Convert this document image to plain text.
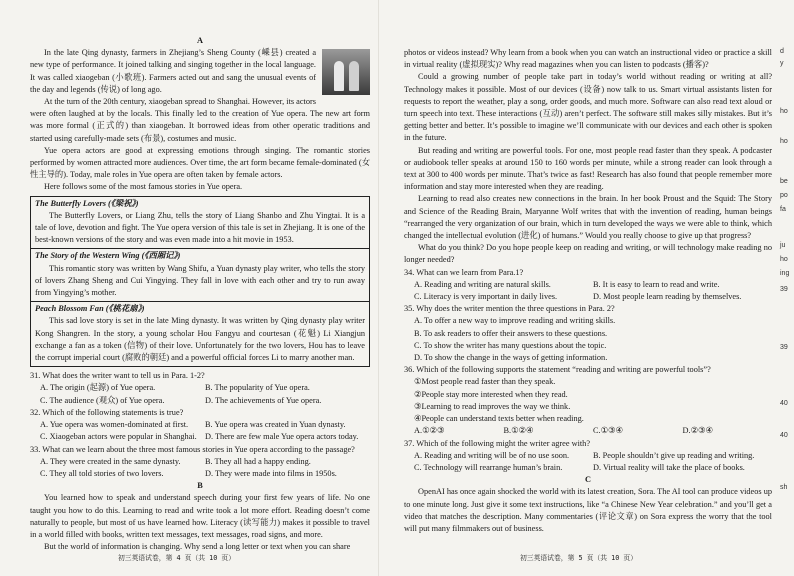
A

In the late Qing dynasty, farmers in Zhejiang’s Sheng County (嵊县) created a new type of performance. It joined talking and singing together in the local language. It was called xiaogeban (小歌班). Farmers acted out and sang the unusual events of the day and legends (传说) of long ago.

At the turn of the 20th century, xiaogeban spread to Shanghai. However, its actors were often laughed at by the locals. This finally led to the creation of Yue opera. The new art form was more formal (正式的) than xiaogeban. It borrowed ideas from other operatic traditions and started using carefully-made sets (布景), costumes and music.

Yue opera actors are good at expressing emotions through singing. The romantic stories performed by women attracted more audiences. Over time, the art form became female-dominated (女性主导的). Today, male roles in Yue opera are often taken by female actors.

Here follows some of the most famous stories in Yue opera.

The Butterfly Lovers (《梁祝》)

The Butterfly Lovers, or Liang Zhu, tells the story of Liang Shanbo and Zhu Yingtai. It is a tale of love, devotion and fight. The Yue opera version of this tale is set in Zhejiang. It is one of the best-known versions of the story and was even made into a hit movie in 1953.

The Story of the Western Wing (《西厢记》)

This romantic story was written by Wang Shifu, a Yuan dynasty play writer, who tells the story of lovers Zhang Sheng and Cui Yingying. They fall in love with each other and try to run away from Yingying’s mother.

Peach Blossom Fan (《桃花扇》)

This sad love story is set in the late Ming dynasty. It was written by Qing dynasty play writer Kong Shangren. In the story, a young scholar Hou Fangyu and courtesan (花魁) Li Xiangjun exchange a fan as a token (信物) of their love. Unfortunately for the two lovers, Hou has to leave the corrupt imperial court (腐败的朝廷) and a powerful official forces Li to marry another man.

31. What does the writer want to tell us in Para. 1-2?

A. The origin (起源) of Yue opera.	B. The popularity of Yue opera.
C. The audience (观众) of Yue opera.	D. The achievements of Yue opera.

32. Which of the following statements is true?

A. Yue opera was women-dominated at first.	B. Yue opera was created in Yuan dynasty.
C. Xiaogeban actors were popular in Shanghai.	D. There are few male Yue opera actors today.

33. What can we learn about the three most famous stories in Yue opera according to the passage?

A. They were created in the same dynasty.	B. They all had a happy ending.
C. They all told stories of two lovers.	D. They were made into films in 1950s.

B

You learned how to speak and understand speech during your first few years of life. No one taught you how to do this. Learning to read and write took a lot more effort. Reading doesn’t come naturally to people, but most of us have learned how. Literacy (读写能力) makes it possible to travel in a world filled with books, written text messages, text messages, road signs, and more.

But the world of information is changing. Why send a long letter or text when you can share

初三英语试卷，第 4 页（共 10 页）

photos or videos instead? Why learn from a book when you can watch an instructional video or practice a skill in virtual reality (虚拟现实)? Why read magazines when you can listen to podcasts (播客)?

Could a growing number of people take part in today’s world without reading or writing at all? Technology makes it possible. Most of our devices (设备) now talk to us. Smart virtual assistants listen for requests to report the weather, play a song, order goods, and much more. Software can also read text aloud or turn speech into text. These interactions (互动) aren’t perfect. The software still makes silly mistakes. But it’s getting better and better. It’s possible to imagine we’ll communicate with our devices and each other is spoken in the future.

But reading and writing are powerful tools. For one, most people read faster than they speak. A podcaster or audiobook teller speaks at around 150 to 160 words per minute, while a strong reader can look through a text at 300 to 400 words per minute. That’s twice as fast! Research has also found that people remember more information and stay more interested when they are reading.

Learning to read also creates new connections in the brain. In her book Proust and the Squid: The Story and Science of the Reading Brain, Maryanne Wolf writes that with the invention of reading, human beings “rearranged the very organization of our brain, which in turn developed the ways we were able to think, which changed the intellectual evolution (进化) of humans.” Would you really choose to give up that progress?

What do you think? Do you hope people keep on reading and writing, or will technology make reading no longer needed?

34. What can we learn from Para.1?

A. Reading and writing are natural skills.	B. It is easy to learn to read and write.
C. Literacy is very important in daily lives.	D. Most people learn reading by themselves.

35. Why does the writer mention the three questions in Para. 2?

A. To offer a new way to improve reading and writing skills.
B. To ask readers to offer their answers to these questions.
C. To show the writer has many questions about the topic.
D. To show the change in the ways of getting information.

36. Which of the following supports the statement “reading and writing are powerful tools”?

①Most people read faster than they speak.
②People stay more interested when they read.
③Learning to read improves the way we think.
④People can understand texts better when reading.
A.①②③	B.①②④	C.①③④	D.②③④

37. Which of the following might the writer agree with?

A. Reading and writing will be of no use soon.	B. People shouldn’t give up reading and writing.
C. Technology will rearrange human’s brain.	D. Virtual reality will take the place of books.

C

OpenAI has once again shocked the world with its latest creation, Sora. The AI tool can produce videos up to one minute long. Just give it some text instructions, like “a Chinese New Year celebration.” and you’ll get a video that matches the description. Many commentaries (评论文章) on Sora express the worry that the tool will put many filmmakers out of business.

初三英语试卷，第 5 页（共 10 页）
d
y
ho
ho
be
po
fa
ju
ho
ing
39
39
40
40
sh
